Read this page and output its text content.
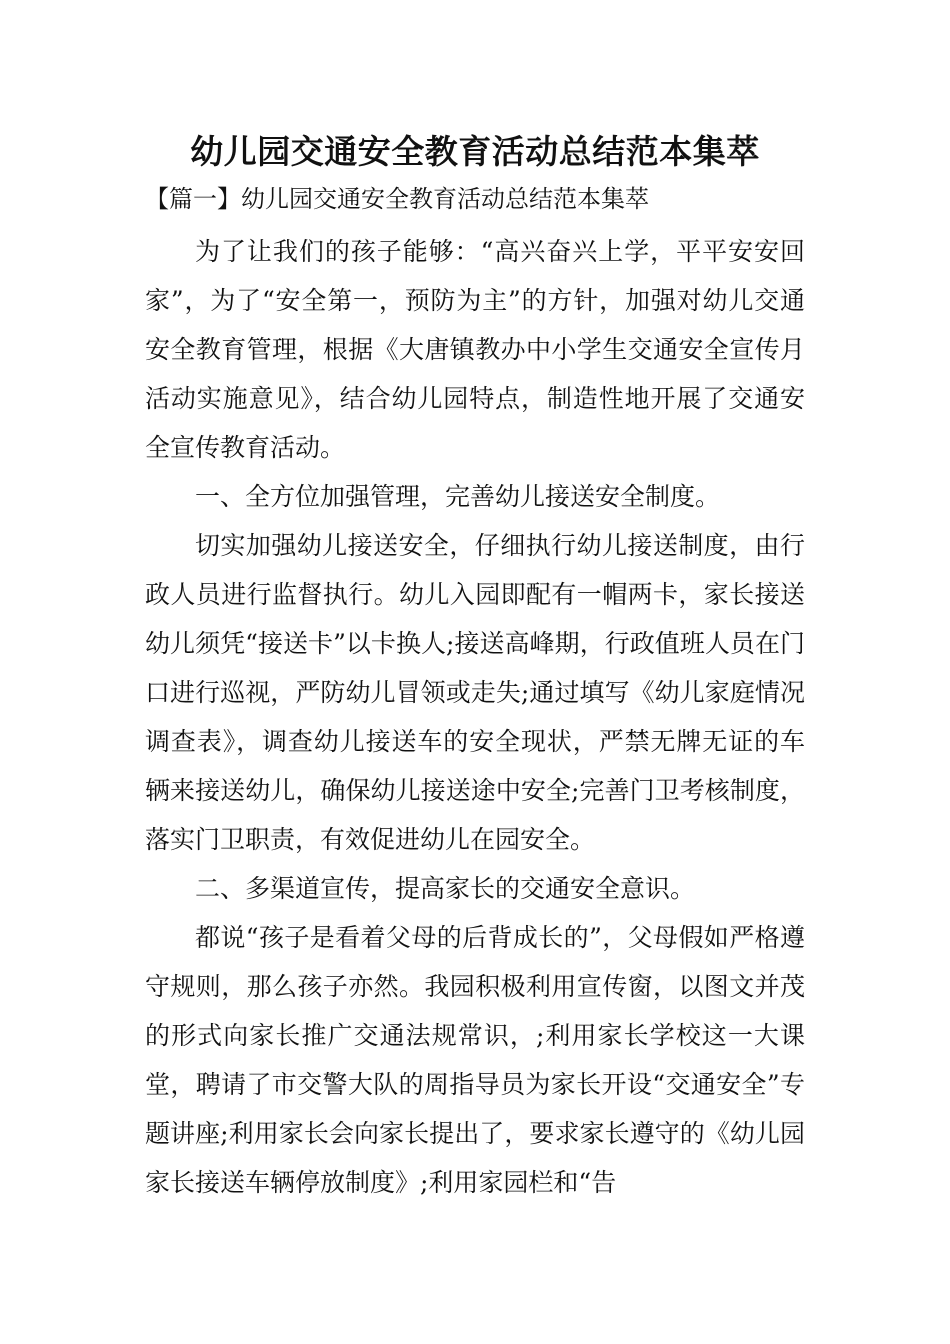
幼儿园交通安全教育活动总结范本集萃
【篇一】幼儿园交通安全教育活动总结范本集萃

为了让我们的孩子能够：“高兴奋兴上学，平平安安回家”，为了“安全第一，预防为主”的方针，加强对幼儿交通安全教育管理，根据《大唐镇教办中小学生交通安全宣传月活动实施意见》，结合幼儿园特点，制造性地开展了交通安全宣传教育活动。

一、全方位加强管理，完善幼儿接送安全制度。

切实加强幼儿接送安全，仔细执行幼儿接送制度，由行政人员进行监督执行。幼儿入园即配有一帽两卡，家长接送幼儿须凭“接送卡”以卡换人;接送高峰期，行政值班人员在门口进行巡视，严防幼儿冒领或走失;通过填写《幼儿家庭情况调查表》，调查幼儿接送车的安全现状，严禁无牌无证的车辆来接送幼儿，确保幼儿接送途中安全;完善门卫考核制度，落实门卫职责，有效促进幼儿在园安全。

二、多渠道宣传，提高家长的交通安全意识。

都说“孩子是看着父母的后背成长的”，父母假如严格遵守规则，那么孩子亦然。我园积极利用宣传窗，以图文并茂的形式向家长推广交通法规常识，;利用家长学校这一大课堂，聘请了市交警大队的周指导员为家长开设“交通安全”专题讲座;利用家长会向家长提出了，要求家长遵守的《幼儿园家长接送车辆停放制度》;利用家园栏和“告
